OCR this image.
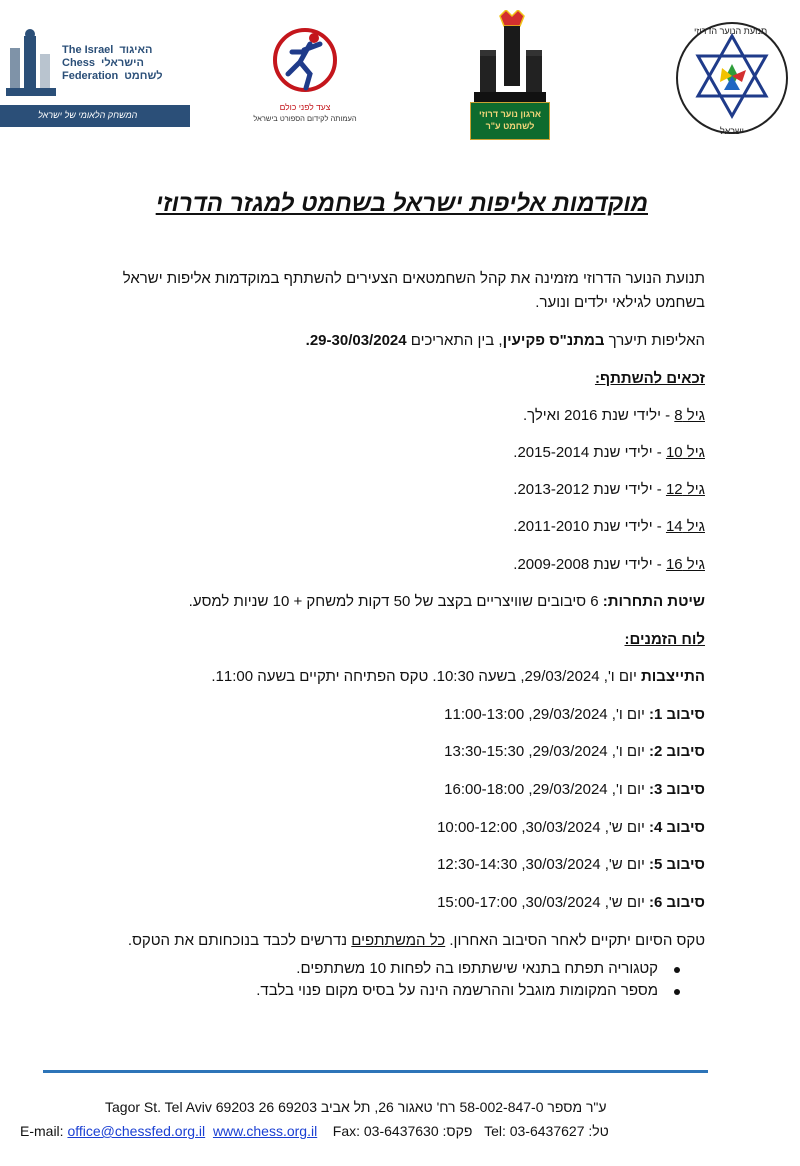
The Israel האיגוד
Chess הישראלי
Federation לשחמט
המשחק הלאומי של ישראל
צעד לפני כולם
העמותה לקידום הספורט בישראל	ארגון נוער דרוזי
לשחמט ע"ר
תנועת הנוער הדרוזי
ישראל
מוקדמות אליפות ישראל בשחמט למגזר הדרוזי
תנועת הנוער הדרוזי מזמינה את קהל השחמטאים הצעירים להשתתף במוקדמות אליפות ישראל
בשחמט לגילאי ילדים ונוער.
האליפות תיערך במתנ"ס פקיעין, בין התאריכים 29-30/03/2024.
זכאים להשתתף:
גיל 8 - ילידי שנת 2016 ואילך.
גיל 10 - ילידי שנת 2015-2014.
גיל 12 - ילידי שנת 2013-2012.
גיל 14 - ילידי שנת 2011-2010.
גיל 16 - ילידי שנת 2009-2008.
שיטת התחרות: 6 סיבובים שוויצריים בקצב של 50 דקות למשחק + 10 שניות למסע.
לוח הזמנים:
התייצבות יום ו', 29/03/2024, בשעה 10:30. טקס הפתיחה יתקיים בשעה 11:00.
סיבוב 1: יום ו', 29/03/2024, 11:00-13:00
סיבוב 2: יום ו', 29/03/2024, 13:30-15:30
סיבוב 3: יום ו', 29/03/2024, 16:00-18:00
סיבוב 4: יום ש', 30/03/2024, 10:00-12:00
סיבוב 5: יום ש', 30/03/2024, 12:30-14:30
סיבוב 6: יום ש', 30/03/2024, 15:00-17:00
טקס הסיום יתקיים לאחר הסיבוב האחרון. כל המשתתפים נדרשים לכבד בנוכחותם את הטקס.
קטגוריה תפתח בתנאי שישתתפו בה לפחות 10 משתתפים.
מספר המקומות מוגבל וההרשמה הינה על בסיס מקום פנוי בלבד.
ע"ר מספר 58-002-847-0 רח' טאגור 26, תל אביב 69203 26 Tagor St. Tel Aviv 69203
E-mail: office@chessfed.org.il www.chess.org.il Fax: 03-6437630 :פקס Tel: 03-6437627 :טל
